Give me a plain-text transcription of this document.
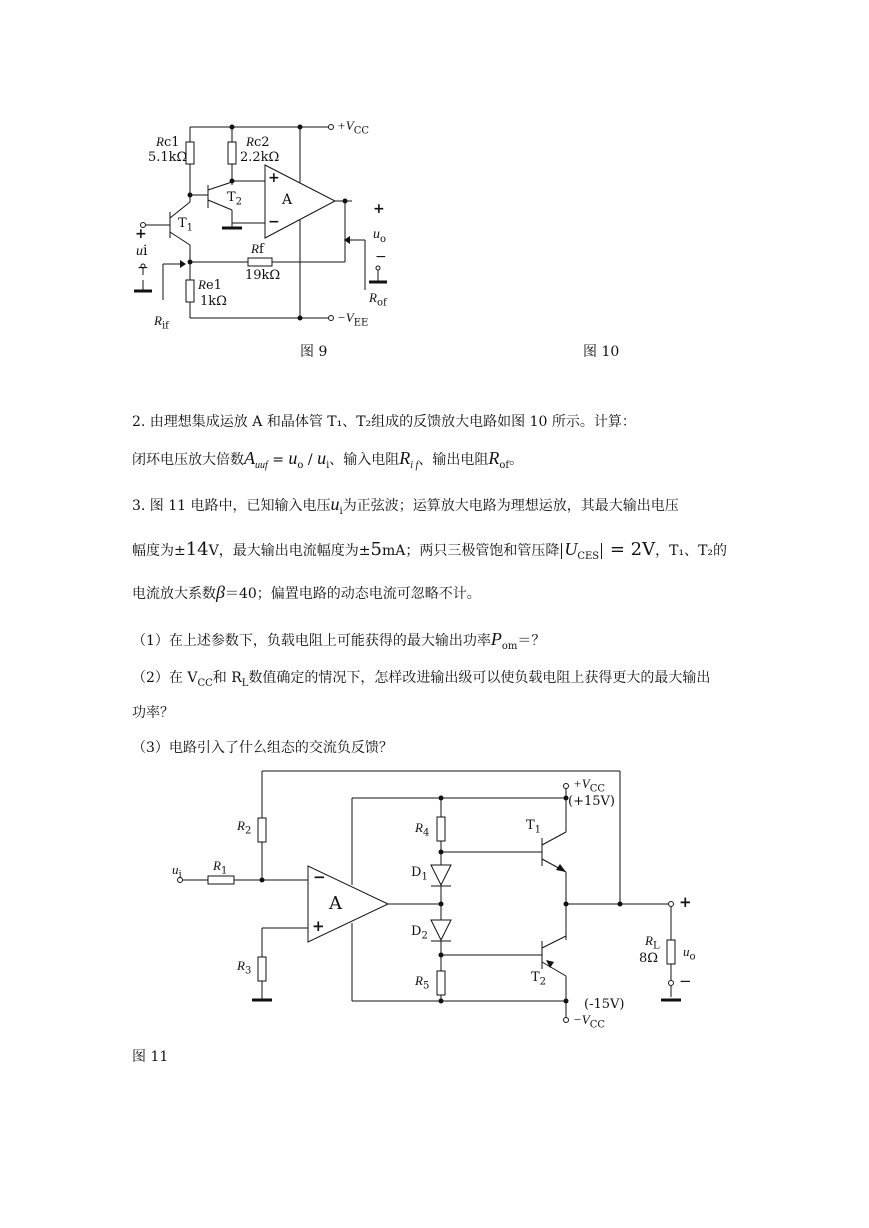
$+V_{CC}$
$-V_{EE}$
Rc1
5.1kΩ
Rc2
2.2kΩ
$T_2$
$T_1$
A
+
−
Rf
19kΩ
Re1
1kΩ
+
ui
−
$R_{if}$
+
$u_o$
−
$R_{of}$
图 9	图 10
2. 由理想集成运放 A 和晶体管 T₁、T₂组成的反馈放大电路如图 10 所示。计算：
闭环电压放大倍数$A_{uuf} = u_o / u_i$、输入电阻$R_{i f}$、输出电阻$R_{of}$。
3. 图 11 电路中，已知输入电压$u_i$为正弦波；运算放大电路为理想运放，其最大输出电压
幅度为±14V，最大输出电流幅度为±5mA；两只三极管饱和管压降 $U_{CES} = 2V$，T₁、T₂的
电流放大系数β＝40；偏置电路的动态电流可忽略不计。
（1）在上述参数下，负载电阻上可能获得的最大输出功率$P_{om}=$？
（2）在 $V_{CC}$和 $R_L$数值确定的情况下，怎样改进输出级可以使负载电阻上获得更大的最大输出
功率？
（3）电路引入了什么组态的交流负反馈？
$+V_{CC}$
(+15V)
(-15V)
$-V_{CC}$
$u_i$
$R_1$
$R_2$
$R_3$
$R_4$
$R_5$
$D_1$
$D_2$
$T_1$
$T_2$
A
−
+
$R_L$
8Ω $u_o$
+
−
图 11
